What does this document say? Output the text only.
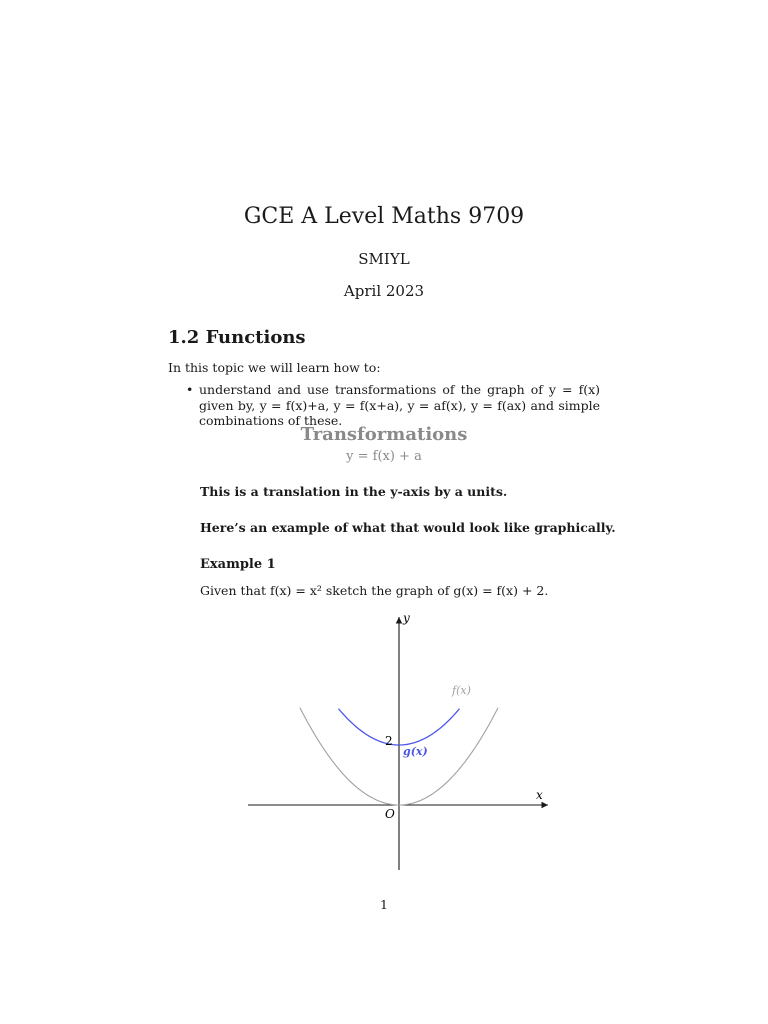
GCE A Level Maths 9709
SMIYL
April 2023
1.2 Functions
In this topic we will learn how to:
• understand and use transformations of the graph of y = f(x) given by, y = f(x)+a, y = f(x+a), y = af(x), y = f(ax) and simple combinations of these.
Transformations
y = f(x) + a
This is a translation in the y-axis by a units.
Here’s an example of what that would look like graphically.
Example 1
Given that f(x) = x² sketch the graph of g(x) = f(x) + 2.
x
y
O
2
f(x)
g(x)
1
